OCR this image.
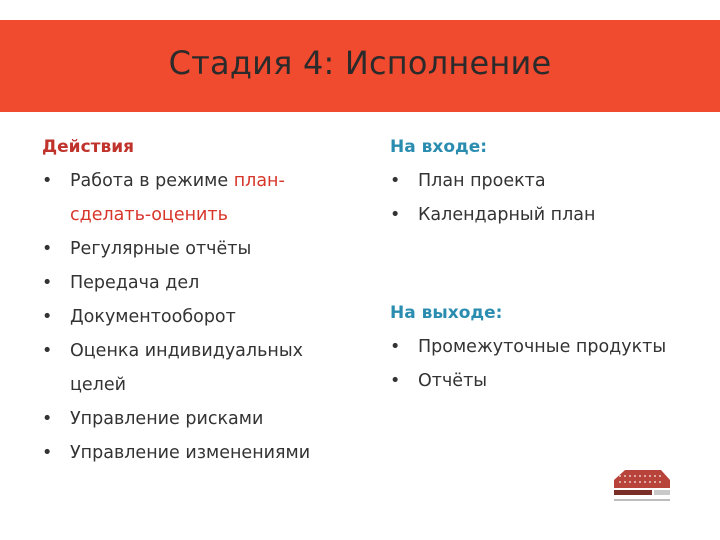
Стадия 4: Исполнение
Действия
• Работа в режиме план-
сделать-оценить
• Регулярные отчёты
• Передача дел
• Документооборот
• Оценка индивидуальных
целей
• Управление рисками
• Управление изменениями
На входе:
• План проекта
• Календарный план
На выходе:
• Промежуточные продукты
• Отчёты
